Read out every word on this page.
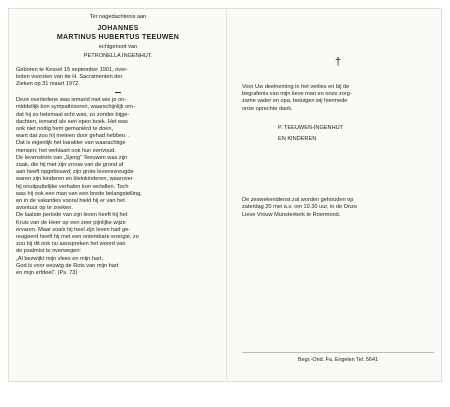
Ter nagedachtenis aan
JOHANNES
MARTINUS HUBERTUS TEEUWEN
echtgenoot van
PETRONELLA INGENHUT.
Geboren te Kessel 15 september 1901, over-
leden voorzien van de H. Sacramenten der
Zieken op 31 maart 1972.
Deze overledene was iemand met wie je on-
middellijk kon sympathiseren, waarschijnlijk om-
dat hij zo helemaal echt was, zo zonder bijge-
dachten, iemand als een open boek. Het was
ook niet nodig hem gemaniërd te doen,
want dat zou hij meteen door gehad hebben. .
Dat is eigenlijk het karakter van waarachtige
mensen; het verklaart ook hun eenvoud.
De levenstrots van „Sjeng” Teeuwen was zijn
zaak, die hij met zijn vrouw van de grond af
aan heeft opgebouwd; zijn grote levensvreugde
waren zijn kinderen en kleinkinderen, waarover
hij onuitputtelijke verhalen kon vertellen. Toch
was hij ook een man van een brede belangstelling,
en in de vakanties vooral hield hij er van het
avontuur op te zoeken.
De laatste periode van zijn leven heeft hij het
Kruis van de Heer op een zeer pijnlijke wijze
ervaren. Maar zoals hij heel zijn leven had ge-
reageerd heeft hij met een ontembare energie, zo
zou hij dit ook nu aanspreken het woord van
de psalmist te overwegen:
„Al bezwijkt mijn vlees en mijn hart,
God is voor eeuwig de Rots van mijn hart
en mijn erfdeel”. (Ps. 73)
†
Voor Uw deelneming in het verlies en bij de
begrafenis van mijn lieve man en onze zorg-
zame vader en opa, betuigen wij hiermede
onze oprechte dank.
P. TEEUWEN-INGENHUT
EN KINDEREN
De zeswekendienst zal worden gehouden op
zaterdag 20 mei a.s. om 19.30 uur, in de Onze
Lieve Vrouw Munsterkerk te Roermond.
Begr.-Ond. Fa. Engelen Tel. 5641
